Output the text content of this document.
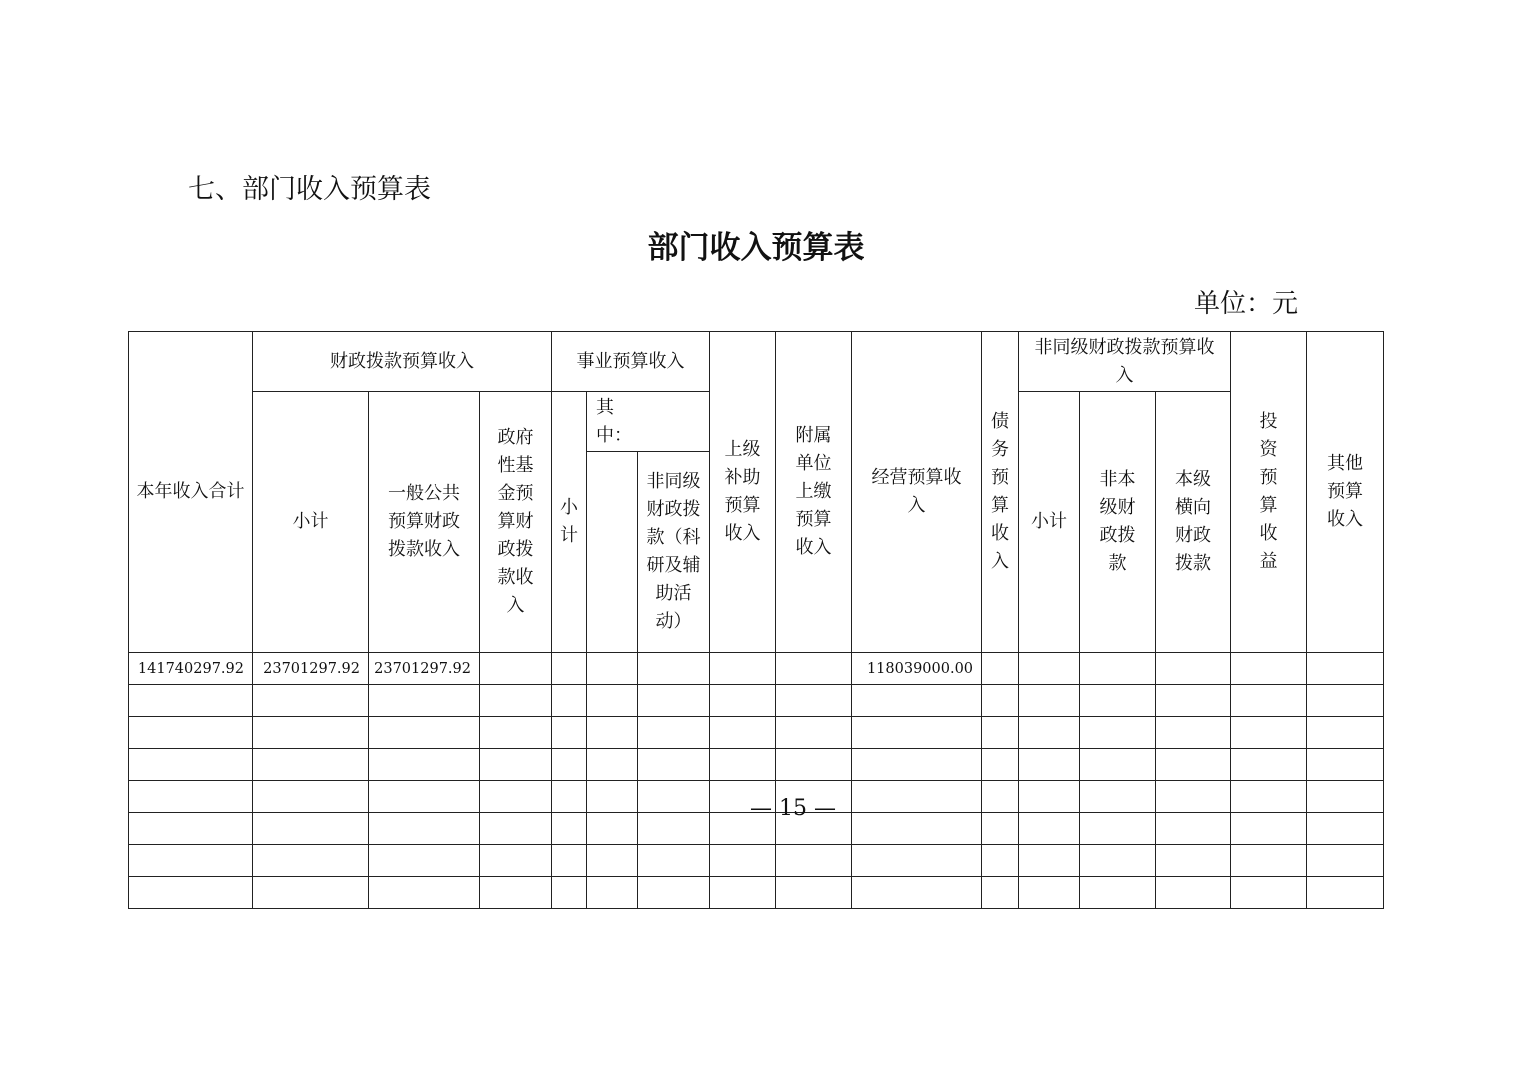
七、部门收入预算表
部门收入预算表
单位：元
本年收入合计	财政拨款预算收入			事业预算收入			上级补助预算收入	附属单位上缴预算收入	经营预算收入	债务预算收入	非同级财政拨款预算收入			投资预算收益	其他预算收入
	小计	一般公共预算财政拨款收入	政府性基金预算财政拨款收入	小计	其中：						小计	非本级财政拨款	本级横向财政拨款		
						非同级财政拨款（科研及辅助活动）									
141740297.92	23701297.92	23701297.92							118039000.00						

— 15 —
